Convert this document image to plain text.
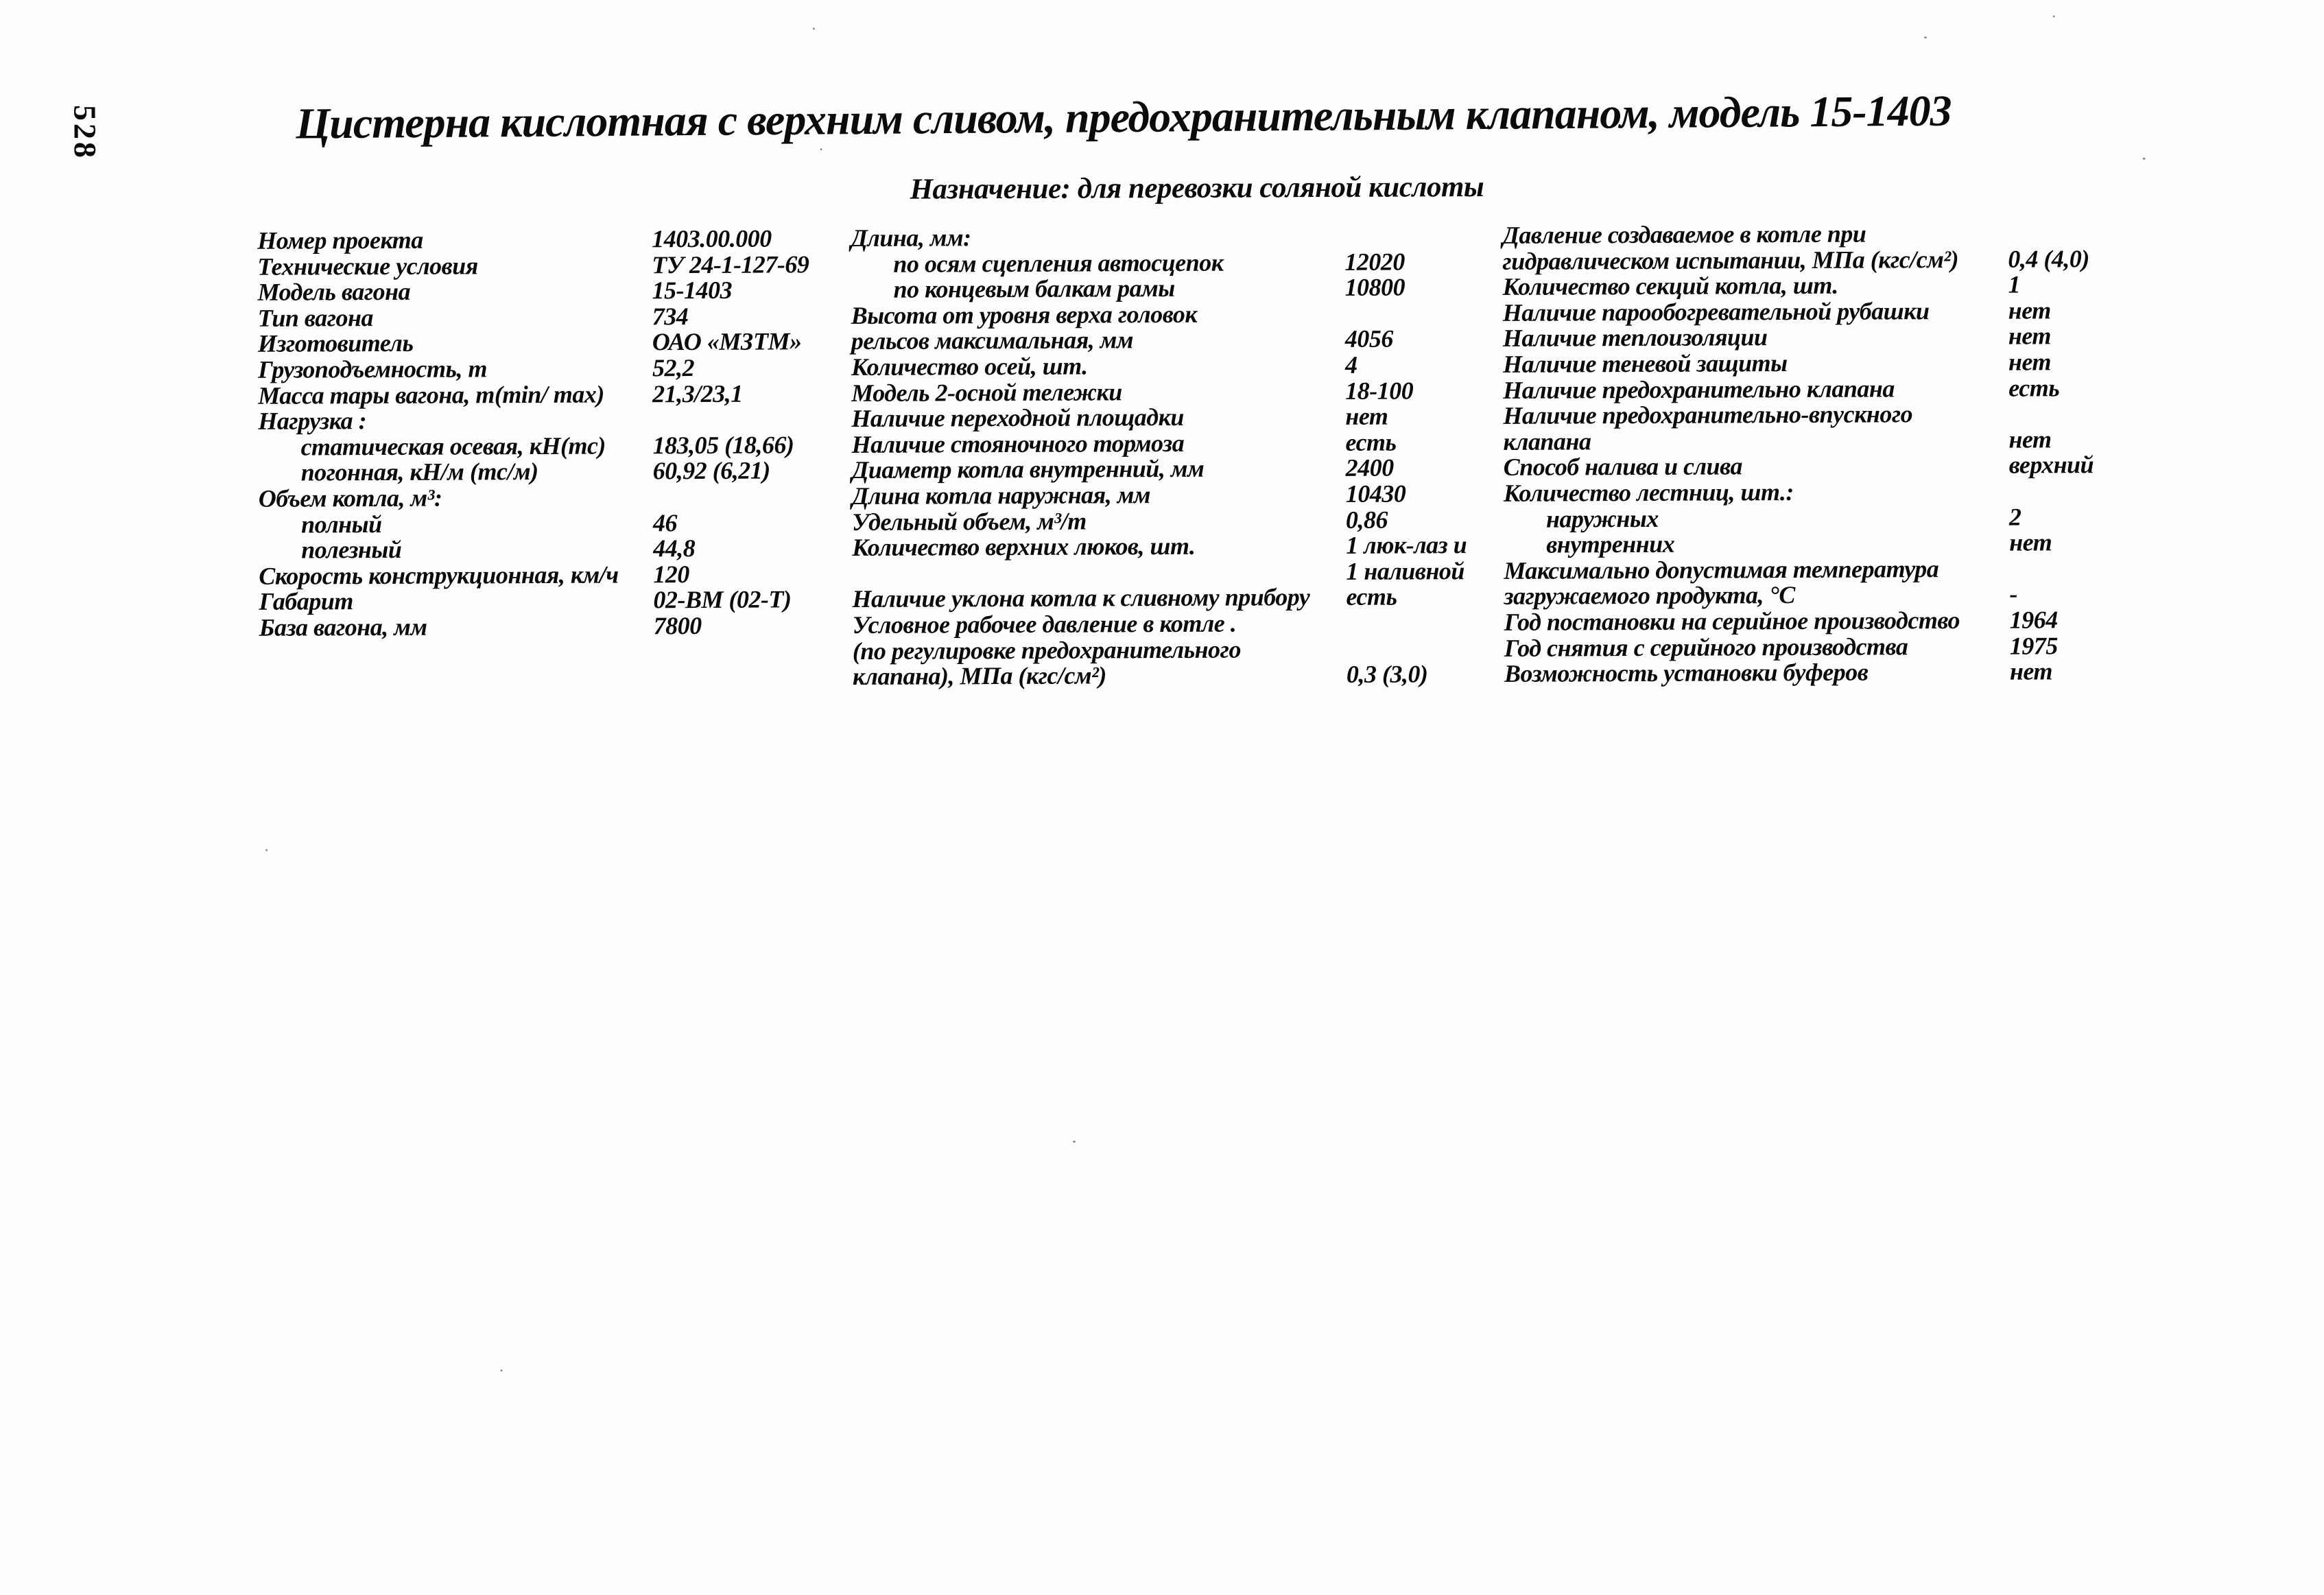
528	Цистерна кислотная с верхним сливом, предохранительным клапаном, модель 15-1403
Назначение: для перевозки соляной кислоты
Номер проекта	1403.00.000
Технические условия	ТУ 24-1-127-69
Модель вагона	15-1403
Тип вагона	734
Изготовитель	ОАО «МЗТМ»
Грузоподъемность, т	52,2
Масса тары вагона, т(min/ max) 21,3/23,1
Нагрузка :
статическая осевая, кН(тс) 183,05 (18,66)
погонная, кН/м (тс/м)	60,92 (6,21)
Объем котла, м³:
полный	46
полезный	44,8
Скорость конструкционная, км/ч 120
Габарит	02-ВМ (02-Т)
База вагона, мм	7800
Длина, мм:
по осям сцепления автосцепок	12020
по концевым балкам рамы	10800
Высота от уровня верха головок
рельсов максимальная, мм	4056
Количество осей, шт.	4
Модель 2-осной тележки	18-100
Наличие переходной площадки	нет
Наличие стояночного тормоза	есть
Диаметр котла внутренний, мм	2400
Длина котла наружная, мм	10430
Удельный объем, м³/т	0,86
Количество верхних люков, шт.	1 люк-лаз и
1 наливной
Наличие уклона котла к сливному прибору есть
Условное рабочее давление в котле .
(по регулировке предохранительного
клапана), МПа (кгс/см²)	0,3 (3,0)
Давление создаваемое в котле при
гидравлическом испытании, МПа (кгс/см²) 0,4 (4,0)
Количество секций котла, шт.	1
Наличие парообогревательной рубашки	нет
Наличие теплоизоляции	нет
Наличие теневой защиты	нет
Наличие предохранительно клапана	есть
Наличие предохранительно-впускного
клапана	нет
Способ налива и слива	верхний
Количество лестниц, шт.:
наружных	2
внутренних	нет
Максимально допустимая температура
загружаемого продукта, °С	-
Год постановки на серийное производство 1964
Год снятия с серийного производства	1975
Возможность установки буферов	нет
